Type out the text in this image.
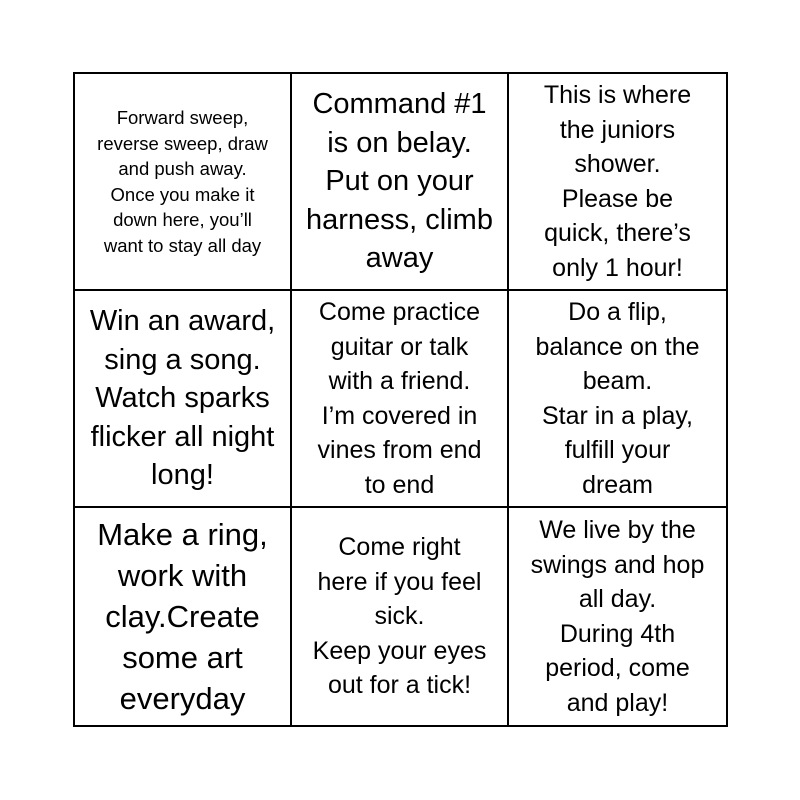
Forward sweep,
reverse sweep, draw
and push away.
Once you make it
down here, you’ll
want to stay all day
Command #1
is on belay.
Put on your
harness, climb
away
This is where
the juniors
shower.
Please be
quick, there’s
only 1 hour!
Win an award,
sing a song.
Watch sparks
flicker all night
long!
Come practice
guitar or talk
with a friend.
I’m covered in
vines from end
to end
Do a flip,
balance on the
beam.
Star in a play,
fulfill your
dream
Make a ring,
work with
clay.Create
some art
everyday
Come right
here if you feel
sick.
Keep your eyes
out for a tick!
We live by the
swings and hop
all day.
During 4th
period, come
and play!
